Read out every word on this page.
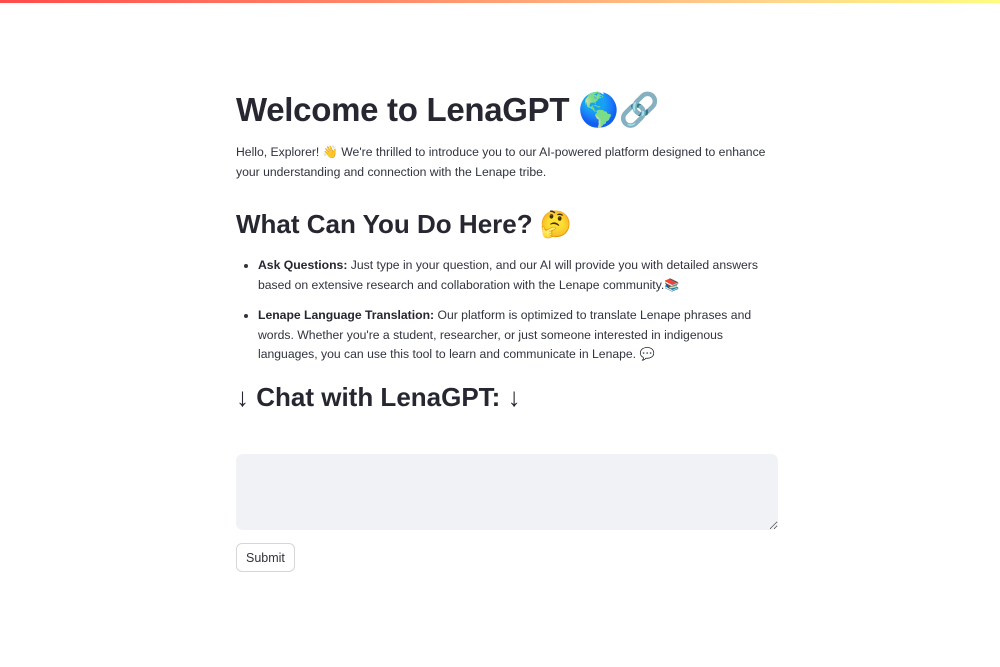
Welcome to LenaGPT 🌎🔗

Hello, Explorer! 👋 We're thrilled to introduce you to our AI-powered platform designed to enhance your understanding and connection with the Lenape tribe.

What Can You Do Here? 🤔
• Ask Questions: Just type in your question, and our AI will provide you with detailed answers based on extensive research and collaboration with the Lenape community.📚
• Lenape Language Translation: Our platform is optimized to translate Lenape phrases and words. Whether you're a student, researcher, or just someone interested in indigenous languages, you can use this tool to learn and communicate in Lenape. 💬
↓ Chat with LenaGPT: ↓
Submit
